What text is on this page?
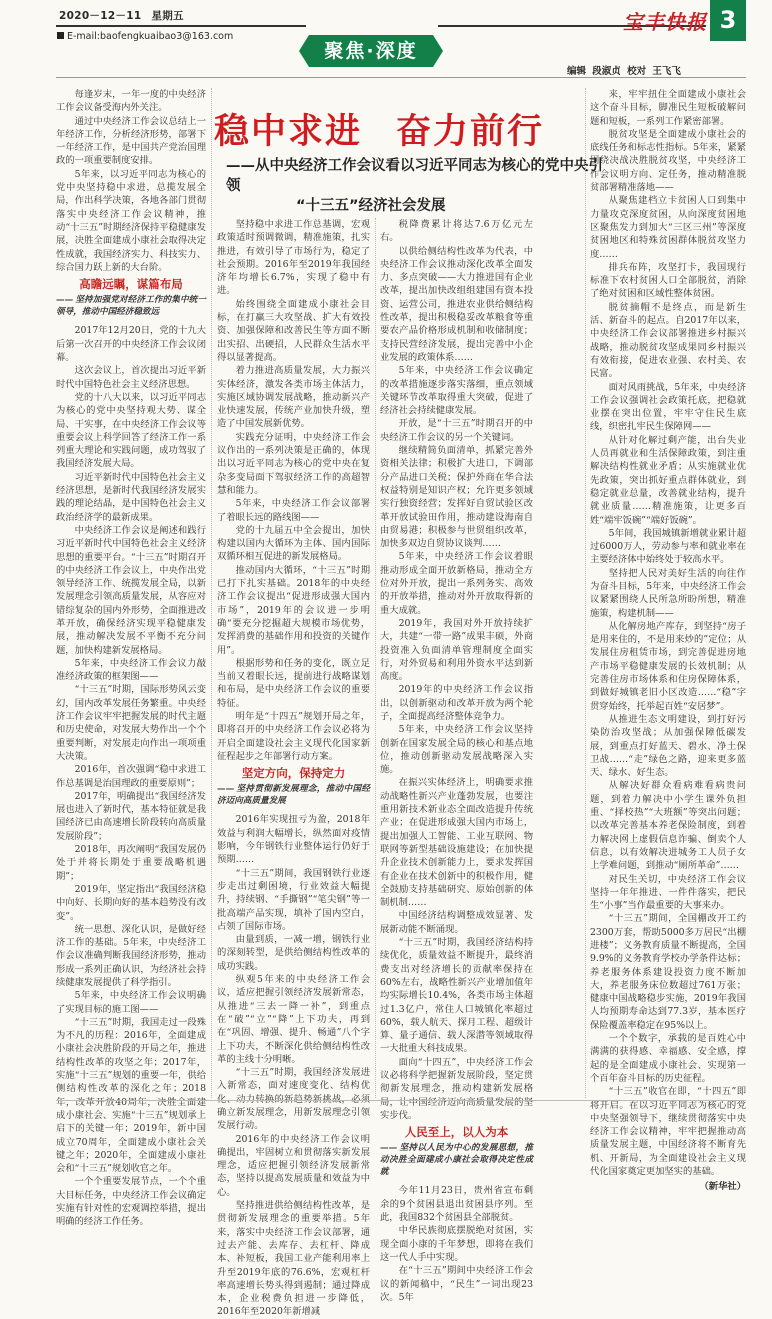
2020－12－11 星期五
E-mail:baofengkuaibao3@163.com
聚焦·深度
宝丰快报 3
编辑 段淑贞 校对 王飞飞
稳中求进 奋力前行
——从中央经济工作会议看以习近平同志为核心的党中央引领
“十三五”经济社会发展

每逢岁末，一年一度的中央经济工作会议备受海内外关注。

通过中央经济工作会议总结上一年经济工作，分析经济形势，部署下一年经济工作，是中国共产党治国理政的一项重要制度安排。

5年来，以习近平同志为核心的党中央坚持稳中求进，总揽发展全局，作出科学决策，各地各部门贯彻落实中央经济工作会议精神，推动“十三五”时期经济保持平稳健康发展，决胜全面建成小康社会取得决定性成就，我国经济实力、科技实力、综合国力跃上新的大台阶。

高瞻远瞩，谋篇布局
—— 坚持加强党对经济工作的集中统一领导，推动中国经济稳致远

2017年12月20日，党的十九大后第一次召开的中央经济工作会议闭幕。

这次会议上，首次提出习近平新时代中国特色社会主义经济思想。

党的十八大以来，以习近平同志为核心的党中央坚持观大势、谋全局、干实事，在中央经济工作会议等重要会议上科学回答了经济工作一系列重大理论和实践问题，成功驾驭了我国经济发展大局。

习近平新时代中国特色社会主义经济思想，是新时代我国经济发展实践的理论结晶，是中国特色社会主义政治经济学的最新成果。

中央经济工作会议是阐述和践行习近平新时代中国特色社会主义经济思想的重要平台。“十三五”时期召开的中央经济工作会议上，中央作出党领导经济工作、统揽发展全局，以新发展理念引领高质量发展，从容应对错综复杂的国内外形势，全面推进改革开放，确保经济实现平稳健康发展，推动解决发展不平衡不充分问题，加快构建新发展格局。

5年来，中央经济工作会议力敲准经济政策的框架图——

“十三五”时期，国际形势风云变幻，国内改革发展任务繁重。中央经济工作会议牢牢把握发展的时代主题和历史使命，对发展大势作出一个个重要判断，对发展走向作出一项项重大决策。

2016年，首次强调“稳中求进工作总基调是治国理政的重要原则”；

2017年，明确提出“我国经济发展也进入了新时代，基本特征就是我国经济已由高速增长阶段转向高质量发展阶段”；

2018年，再次阐明“我国发展仍处于并将长期处于重要战略机遇期”；

2019年，坚定指出“我国经济稳中向好、长期向好的基本趋势没有改变”。

统一思想、深化认识，是做好经济工作的基础。5年来，中央经济工作会议准确判断我国经济形势，推动形成一系列正确认识，为经济社会持续健康发展提供了科学指引。

5年来，中央经济工作会议明确了实现目标的施工图——

“十三五”时期，我国走过一段殊为不凡的历程：2016年，全面建成小康社会决胜阶段的开局之年，推进结构性改革的攻坚之年；2017年，实施“十三五”规划的重要一年，供给侧结构性改革的深化之年；2018年，改革开放40周年，决胜全面建成小康社会、实施“十三五”规划承上启下的关键一年；2019年，新中国成立70周年，全面建成小康社会关键之年；2020年，全面建成小康社会和“十三五”规划收官之年。

一个个重要发展节点，一个个重大目标任务，中央经济工作会议确定实施有针对性的宏观调控举措，提出明确的经济工作任务。

坚持稳中求进工作总基调，宏观政策适时预调微调，精准施策，扎实推进，有效引导了市场行为，稳定了社会预期。2016年至2019年我国经济年均增长6.7%，实现了稳中有进。

始终围绕全面建成小康社会目标，在打赢三大攻坚战、扩大有效投资、加强保障和改善民生等方面不断出实招、出硬招，人民群众生活水平得以显著提高。

着力推进高质量发展，大力振兴实体经济，激发各类市场主体活力，实施区域协调发展战略，推动新兴产业快速发展，传统产业加快升级，塑造了中国发展新优势。

实践充分证明，中央经济工作会议作出的一系列决策是正确的，体现出以习近平同志为核心的党中央在复杂多变局面下驾驭经济工作的高超智慧和能力。

5年来，中央经济工作会议部署了着眼长远的路线图——

党的十九届五中全会提出，加快构建以国内大循环为主体、国内国际双循环相互促进的新发展格局。

推动国内大循环，“十三五”时期已打下扎实基础。2018年的中央经济工作会议提出“促进形成强大国内市场”，2019年的会议进一步明确“要充分挖掘超大规模市场优势，发挥消费的基础作用和投资的关键作用”。

根据形势和任务的变化，既立足当前又着眼长远，提前进行战略谋划和布局，是中央经济工作会议的重要特征。

明年是“十四五”规划开局之年，即将召开的中央经济工作会议必将为开启全面建设社会主义现代化国家新征程起步之年部署行动方案。

坚定方向，保持定力
—— 坚持贯彻新发展理念，推动中国经济迈向高质量发展

2016年实现扭亏为盈，2018年效益与利润大幅增长，纵然面对疫情影响，今年钢铁行业整体运行仍好于预期……

“十三五”期间，我国钢铁行业逐步走出过剩困境，行业效益大幅提升，持续钢、“手撕钢”“笔尖钢”等一批高端产品实现，填补了国内空白，占领了国际市场。

由量到质，一减一增，钢铁行业的深刻转型，是供给侧结构性改革的成功实践。

纵观5年来的中央经济工作会议，适应把握引领经济发展新常态，从推进“三去一降一补”，到重点在“破”“立”“降”上下功夫，再到在“巩固、增强、提升、畅通”八个字上下功夫，不断深化供给侧结构性改革的主线十分明晰。

“十三五”时期，我国经济发展进入新常态，面对速度变化、结构优化、动力转换的新趋势新挑战，必须确立新发展理念，用新发展理念引领发展行动。

2016年的中央经济工作会议明确提出，牢固树立和贯彻落实新发展理念，适应把握引领经济发展新常态，坚持以提高发展质量和效益为中心。

坚持推进供给侧结构性改革，是贯彻新发展理念的重要举措。5年来，落实中央经济工作会议部署，通过去产能、去库存、去杠杆、降成本、补短板，我国工业产能利用率上升至2019年底的76.6%，宏观杠杆率高速增长势头得到遏制；通过降成本，企业税费负担进一步降低，2016年至2020年新增减

税降费累计将达7.6万亿元左右。

以供给侧结构性改革为代表，中央经济工作会议推动深化改革全面发力、多点突破——大力推进国有企业改革，提出加快改组组建国有资本投资、运营公司，推进农业供给侧结构性改革，提出积极稳妥改革粮食等重要农产品价格形成机制和收储制度；支持民营经济发展，提出完善中小企业发展的政策体系……

5年来，中央经济工作会议确定的改革措施逐步落实落细，重点领域关键环节改革取得重大突破，促进了经济社会持续健康发展。

开放，是“十三五”时期召开的中央经济工作会议的另一个关键词。

继续精简负面清单，抓紧完善外资相关法律；积极扩大进口，下调部分产品进口关税；保护外商在华合法权益特别是知识产权；允许更多领域实行独资经营；发挥好自贸试验区改革开放试验田作用，推动建设海南自由贸易港；积极参与世贸组织改革，加快多双边自贸协议谈判……

5年来，中央经济工作会议着眼推动形成全面开放新格局，推动全方位对外开放，提出一系列务实、高效的开放举措，推动对外开放取得新的重大成就。

2019年，我国对外开放持续扩大，共建“一带一路”成果丰硕，外商投资准入负面清单管理制度全面实行，对外贸易和利用外资水平达到新高度。

2019年的中央经济工作会议指出，以创新驱动和改革开放为两个轮子，全面提高经济整体竞争力。

5年来，中央经济工作会议坚持创新在国家发展全局的核心和基点地位，推动创新驱动发展战略深入实施。

在振兴实体经济上，明确要求推动战略性新兴产业蓬勃发展，也要注重用新技术新业态全面改造提升传统产业；在促进形成强大国内市场上，提出加强人工智能、工业互联网、物联网等新型基础设施建设；在加快提升企业技术创新能力上，要求发挥国有企业在技术创新中的积极作用，健全鼓励支持基础研究、原始创新的体制机制……

中国经济结构调整成效显著、发展新动能不断涌现。

“十三五”时期，我国经济结构持续优化，质量效益不断提升，最终消费支出对经济增长的贡献率保持在60%左右，战略性新兴产业增加值年均实际增长10.4%，各类市场主体超过1.3亿户，常住人口城镇化率超过60%，载人航天、探月工程、超级计算、量子通信、载人深潜等领域取得一大批重大科技成果。

面向“十四五”，中央经济工作会议必将科学把握新发展阶段，坚定贯彻新发展理念，推动构建新发展格局，让中国经济迈向高质量发展的坚实步伐。

人民至上，以人为本
—— 坚持以人民为中心的发展思想，推动决胜全面建成小康社会取得决定性成就

今年11月23日，贵州省宣布剩余的9个贫困县退出贫困县序列。至此，我国832个贫困县全部脱贫。

中华民族彻底摆脱绝对贫困，实现全面小康的千年梦想，即将在我们这一代人手中实现。

在“十三五”期间中央经济工作会议的新闻稿中，“民生”一词出现23次。5年

来，牢牢扭住全面建成小康社会这个奋斗目标，脚准民生短板破解问题和短板，一系列工作紧密部署。

脱贫攻坚是全面建成小康社会的底线任务和标志性指标。5年来，紧紧围绕决战决胜脱贫攻坚，中央经济工作会议明方向、定任务，推动精准脱贫部署精准落地——

从聚焦建档立卡贫困人口到集中力量攻克深度贫困，从向深度贫困地区聚焦发力到加大“三区三州”等深度贫困地区和特殊贫困群体脱贫攻坚力度……

排兵布阵，攻坚打卡，我国现行标准下农村贫困人口全部脱贫，消除了绝对贫困和区域性整体贫困。

脱贫摘帽不是终点，而是新生活、新奋斗的起点。自2017年以来，中央经济工作会议部署推进乡村振兴战略，推动脱贫攻坚成果同乡村振兴有效衔接，促进农业强、农村美、农民富。

面对风雨挑战，5年来，中央经济工作会议强调社会政策托底，把稳就业摆在突出位置，牢牢守住民生底线，织密扎牢民生保障网——

从针对化解过剩产能，出台失业人员再就业和生活保障政策，到注重解决结构性就业矛盾；从实施就业优先政策，突出抓好重点群体就业，到稳定就业总量，改善就业结构，提升就业质量……精准施策，让更多百姓“端牢饭碗”“端好饭碗”。

5年间，我国城镇新增就业累计超过6000万人，劳动参与率和就业率在主要经济体中始终处于较高水平。

坚持把人民对美好生活的向往作为奋斗目标，5年来，中央经济工作会议紧紧围绕人民所急所盼所想，精准施策，构建机制——

从化解房地产库存，到坚持“房子是用来住的，不是用来炒的”定位；从发展住房租赁市场，到完善促进房地产市场平稳健康发展的长效机制；从完善住房市场体系和住房保障体系，到做好城镇老旧小区改造……“稳”字贯穿始终，托举起百姓“安居梦”。

从推进生态文明建设，到打好污染防治攻坚战；从加强保障低碳发展，到重点打好蓝天、碧水、净土保卫战……“走”绿色之路，迎来更多蓝天、绿水、好生态。

从解决好群众看病难看病贵问题，到着力解决中小学生课外负担重、“择校热”“大班额”等突出问题；以改革完善基本养老保险制度，到着力解决网上虚假信息诈骗、倒卖个人信息，以有效解决进城务工人员子女上学难问题，到推动“厕所革命”……

对民生关切，中央经济工作会议坚持一年年推进、一件件落实，把民生“小事”当作最重要的大事来办。

“十三五”期间，全国棚改开工约2300万套，帮助5000多万居民“出棚进楼”；义务教育质量不断提高，全国9.9%的义务教育学校办学条件达标；养老服务体系建设投资力度不断加大，养老服务床位数超过761万张；健康中国战略稳步实施，2019年我国人均预期寿命达到77.3岁，基本医疗保险覆盖率稳定在95%以上。

一个个数字，承载的是百姓心中满满的获得感、幸福感、安全感，撑起的是全面建成小康社会、实现第一个百年奋斗目标的历史征程。

“十三五”收官在即，“十四五”即将开启。在以习近平同志为核心的党中央坚强领导下，继续贯彻落实中央经济工作会议精神，牢牢把握推动高质量发展主题，中国经济将不断育先机、开新局，为全面建设社会主义现代化国家奠定更加坚实的基础。

（新华社）
